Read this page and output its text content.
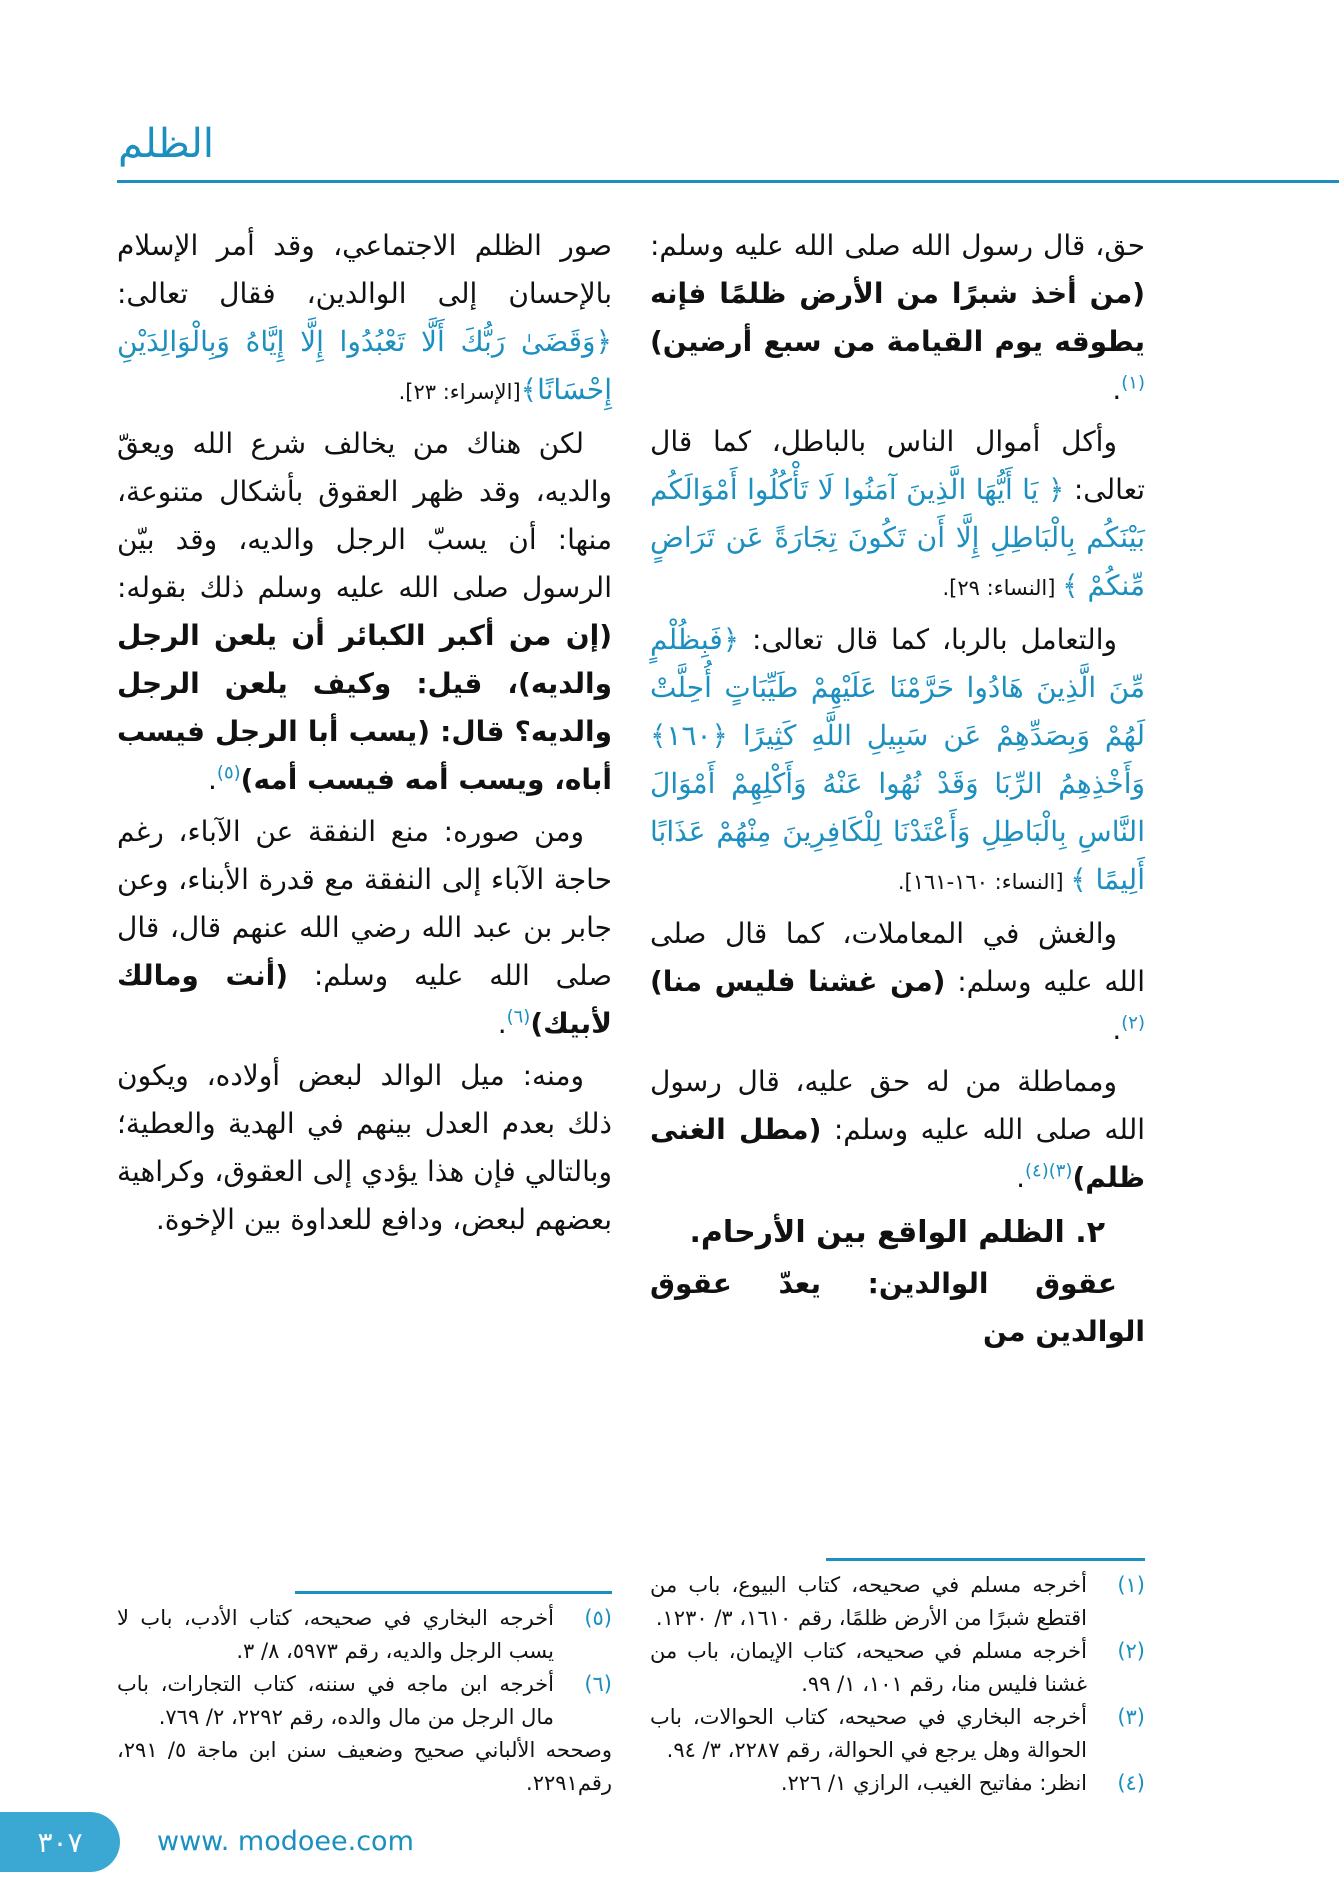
الظلم

حق، قال رسول الله صلى الله عليه وسلم: (من أخذ شبرًا من الأرض ظلمًا فإنه يطوقه يوم القيامة من سبع أرضين)$^{(١)}$.

وأكل أموال الناس بالباطل، كما قال تعالى: ﴿ يَا أَيُّهَا الَّذِينَ آمَنُوا لَا تَأْكُلُوا أَمْوَالَكُم بَيْنَكُم بِالْبَاطِلِ إِلَّا أَن تَكُونَ تِجَارَةً عَن تَرَاضٍ مِّنكُمْ ﴾ [النساء: ٢٩].

والتعامل بالربا، كما قال تعالى: ﴿فَبِظُلْمٍ مِّنَ الَّذِينَ هَادُوا حَرَّمْنَا عَلَيْهِمْ طَيِّبَاتٍ أُحِلَّتْ لَهُمْ وَبِصَدِّهِمْ عَن سَبِيلِ اللَّهِ كَثِيرًا ﴿١٦٠﴾ وَأَخْذِهِمُ الرِّبَا وَقَدْ نُهُوا عَنْهُ وَأَكْلِهِمْ أَمْوَالَ النَّاسِ بِالْبَاطِلِ وَأَعْتَدْنَا لِلْكَافِرِينَ مِنْهُمْ عَذَابًا أَلِيمًا ﴾ [النساء: ١٦٠-١٦١].

والغش في المعاملات، كما قال صلى الله عليه وسلم: (من غشنا فليس منا)$^{(٢)}$.

ومماطلة من له حق عليه، قال رسول الله صلى الله عليه وسلم: (مطل الغنى ظلم)$^{(٣)(٤)}$.

٢. الظلم الواقع بين الأرحام.

عقوق الوالدين: يعدّ عقوق الوالدين من

(١)
أخرجه مسلم في صحيحه، كتاب البيوع، باب من اقتطع شبرًا من الأرض ظلمًا، رقم ١٦١٠، ٣/ ١٢٣٠.
(٢)
أخرجه مسلم في صحيحه، كتاب الإيمان، باب من غشنا فليس منا، رقم ١٠١، ١/ ٩٩.
(٣)
أخرجه البخاري في صحيحه، كتاب الحوالات، باب الحوالة وهل يرجع في الحوالة، رقم ٢٢٨٧، ٣/ ٩٤.
(٤)
انظر: مفاتيح الغيب، الرازي ١/ ٢٢٦.

صور الظلم الاجتماعي، وقد أمر الإسلام بالإحسان إلى الوالدين، فقال تعالى: ﴿وَقَضَىٰ رَبُّكَ أَلَّا تَعْبُدُوا إِلَّا إِيَّاهُ وَبِالْوَالِدَيْنِ إِحْسَانًا﴾[الإسراء: ٢٣].

لكن هناك من يخالف شرع الله ويعقّ والديه، وقد ظهر العقوق بأشكال متنوعة، منها: أن يسبّ الرجل والديه، وقد بيّن الرسول صلى الله عليه وسلم ذلك بقوله: (إن من أكبر الكبائر أن يلعن الرجل والديه)، قيل: وكيف يلعن الرجل والديه؟ قال: (يسب أبا الرجل فيسب أباه، ويسب أمه فيسب أمه)$^{(٥)}$.

ومن صوره: منع النفقة عن الآباء، رغم حاجة الآباء إلى النفقة مع قدرة الأبناء، وعن جابر بن عبد الله رضي الله عنهم قال، قال صلى الله عليه وسلم: (أنت ومالك لأبيك)$^{(٦)}$.

ومنه: ميل الوالد لبعض أولاده، ويكون ذلك بعدم العدل بينهم في الهدية والعطية؛ وبالتالي فإن هذا يؤدي إلى العقوق، وكراهية بعضهم لبعض، ودافع للعداوة بين الإخوة.

(٥)
أخرجه البخاري في صحيحه، كتاب الأدب، باب لا يسب الرجل والديه، رقم ٥٩٧٣، ٨/ ٣.
(٦)
أخرجه ابن ماجه في سننه، كتاب التجارات، باب مال الرجل من مال والده، رقم ٢٢٩٢، ٢/ ٧٦٩.
وصححه الألباني صحيح وضعيف سنن ابن ماجة ٥/ ٢٩١، رقم٢٢٩١.
٣٠٧	www. modoee.com
